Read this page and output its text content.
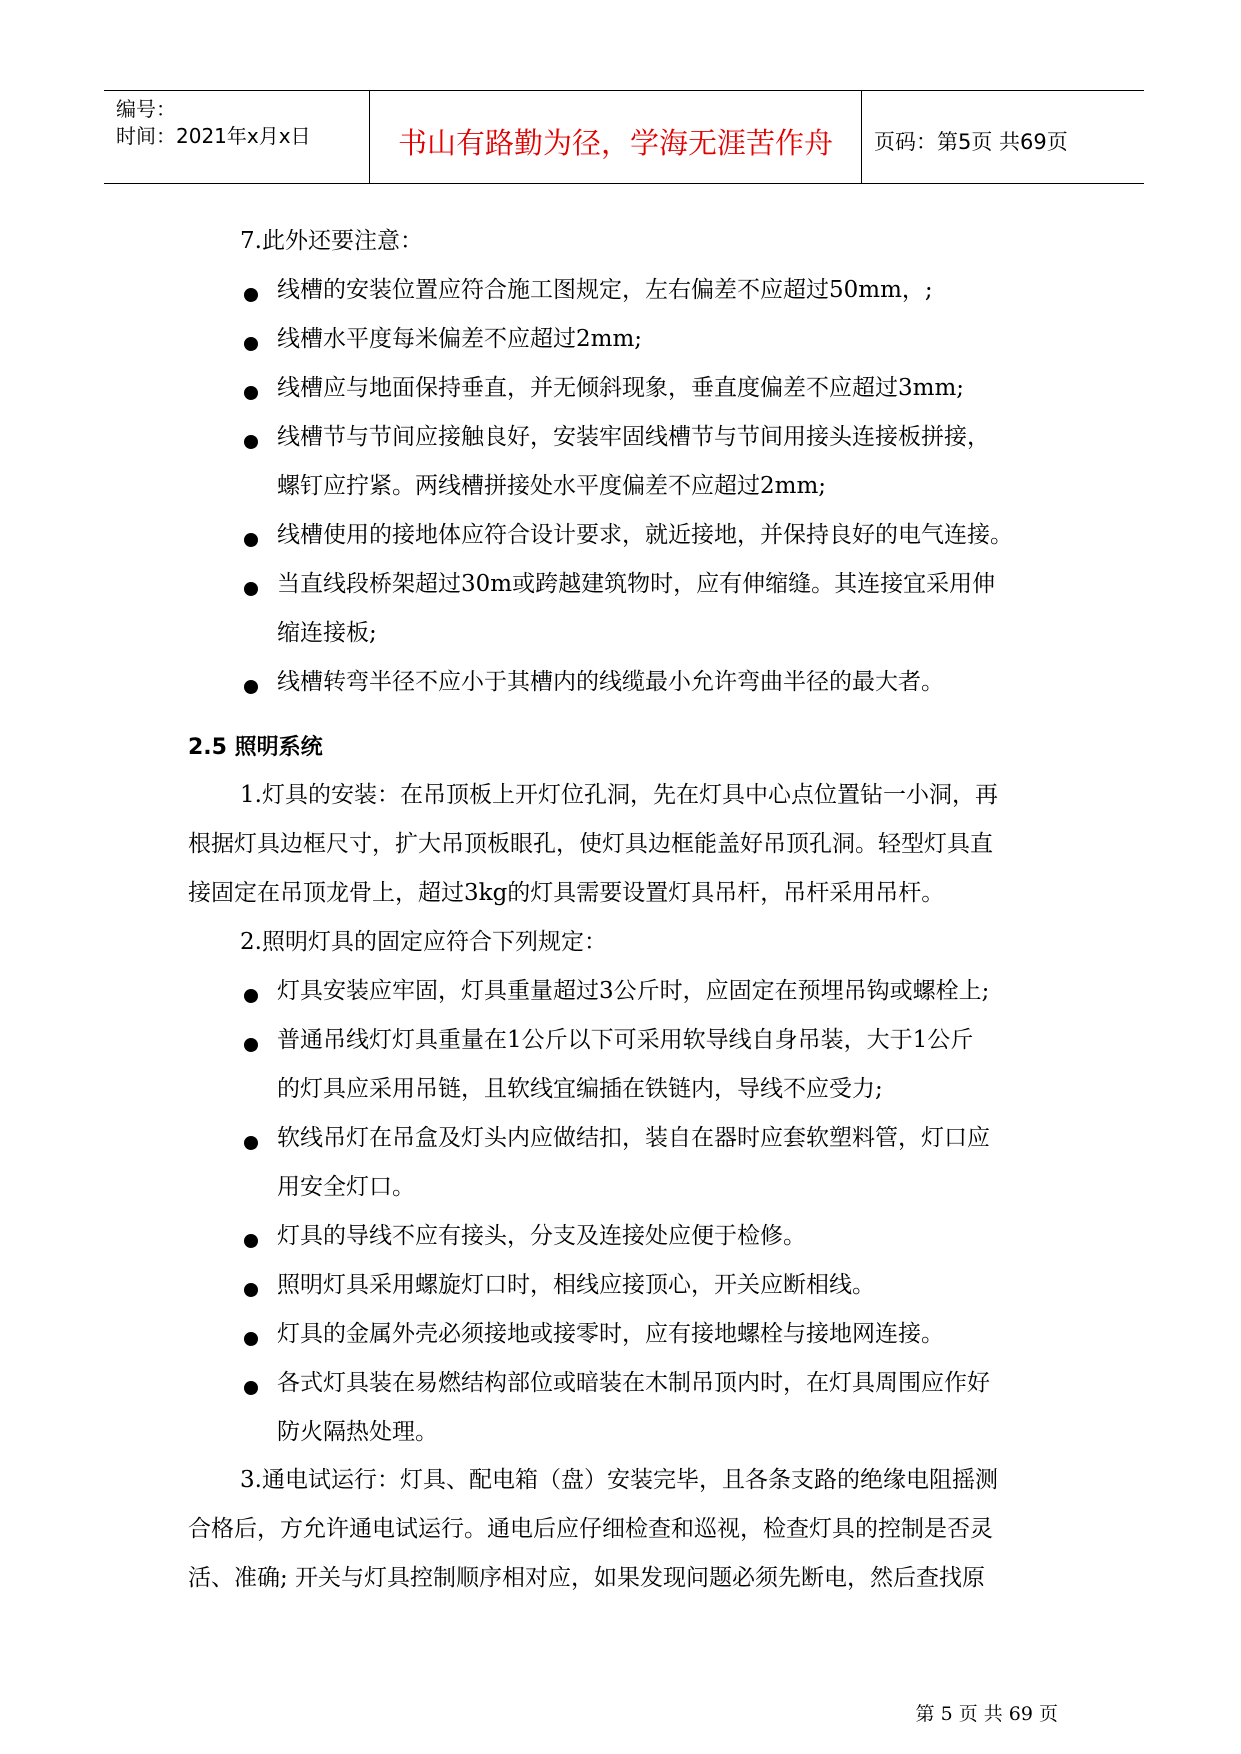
编号：
时间：2021年x月x日	书山有路勤为径，学海无涯苦作舟	页码：第5页 共69页
7.此外还要注意：
线槽的安装位置应符合施工图规定，左右偏差不应超过50mm，;
线槽水平度每米偏差不应超过2mm;
线槽应与地面保持垂直，并无倾斜现象，垂直度偏差不应超过3mm;
线槽节与节间应接触良好，安装牢固线槽节与节间用接头连接板拼接，
螺钉应拧紧。两线槽拼接处水平度偏差不应超过2mm;
线槽使用的接地体应符合设计要求，就近接地，并保持良好的电气连接。
当直线段桥架超过30m或跨越建筑物时，应有伸缩缝。其连接宜采用伸
缩连接板;
线槽转弯半径不应小于其槽内的线缆最小允许弯曲半径的最大者。
2.5 照明系统
1.灯具的安装：在吊顶板上开灯位孔洞，先在灯具中心点位置钻一小洞，再
根据灯具边框尺寸，扩大吊顶板眼孔，使灯具边框能盖好吊顶孔洞。轻型灯具直
接固定在吊顶龙骨上，超过3kg的灯具需要设置灯具吊杆，吊杆采用吊杆。
2.照明灯具的固定应符合下列规定：
灯具安装应牢固，灯具重量超过3公斤时，应固定在预埋吊钩或螺栓上;
普通吊线灯灯具重量在1公斤以下可采用软导线自身吊装，大于1公斤
的灯具应采用吊链，且软线宜编插在铁链内，导线不应受力;
软线吊灯在吊盒及灯头内应做结扣，装自在器时应套软塑料管，灯口应
用安全灯口。
灯具的导线不应有接头，分支及连接处应便于检修。
照明灯具采用螺旋灯口时，相线应接顶心，开关应断相线。
灯具的金属外壳必须接地或接零时，应有接地螺栓与接地网连接。
各式灯具装在易燃结构部位或暗装在木制吊顶内时，在灯具周围应作好
防火隔热处理。
3.通电试运行：灯具、配电箱（盘）安装完毕，且各条支路的绝缘电阻摇测
合格后，方允许通电试运行。通电后应仔细检查和巡视，检查灯具的控制是否灵
活、准确; 开关与灯具控制顺序相对应，如果发现问题必须先断电，然后查找原
第 5 页 共 69 页
